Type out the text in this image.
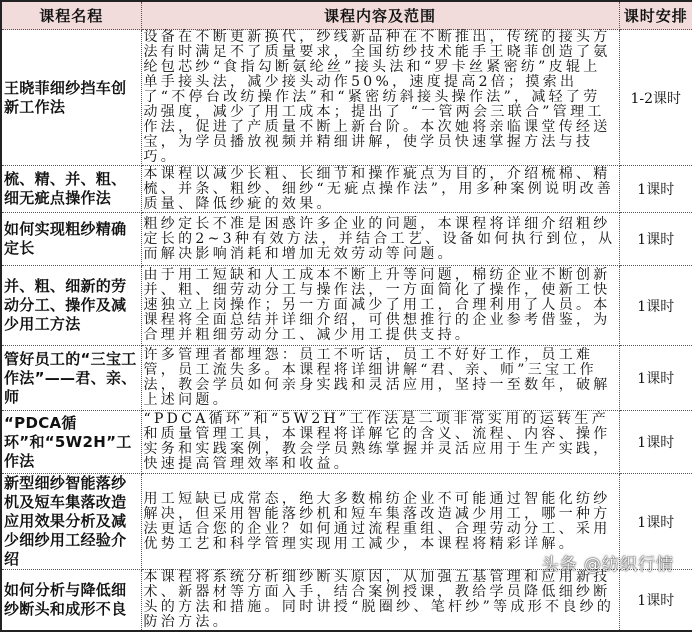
课程名程	课程内容及范围	课时安排
王晓菲细纱挡车创新工作法	设备在不断更新换代，纱线新品种在不断推出，传统的接头方法有时满足不了质量要求，全国纺纱技术能手王晓菲创造了氨纶包芯纱“食指勾断氨纶丝”接头法和“罗卡丝紧密纺”皮辊上单手接头法，减少接头动作50%，速度提高2倍；摸索出了“不停台改纺操作法”和“紧密纺斜接头操作法”，减轻了劳动强度，减少了用工成本；提出了 “一管两会三联合”管理工作法，促进了产质量不断上新台阶。本次她将亲临课堂传经送宝，为学员播放视频并精细讲解，使学员快速掌握方法与技巧。	1-2课时
梳、精、并、粗、细无疵点操作法	本课程以减少长粗、长细节和操作疵点为目的，介绍梳棉、精梳、并条、粗纱、细纱“无疵点操作法”，用多种案例说明改善质量、降低纱疵的效果。	1课时
如何实现粗纱精确定长	粗纱定长不准是困惑许多企业的问题，本课程将详细介绍粗纱定长的2~3种有效方法，并结合工艺、设备如何执行到位，从而解决影响消耗和增加无效劳动等问题。	1课时
并、粗、细新的劳动分工、操作及减少用工方法	由于用工短缺和人工成本不断上升等问题，棉纺企业不断创新并、粗、细劳动分工与操作法，一方面简化了操作，使新工快速独立上岗操作；另一方面减少了用工，合理利用了人员。本课程将全面总结并详细介绍，可供想推行的企业参考借鉴，为合理并粗细劳动分工、减少用工提供支持。	1课时
管好员工的“三宝工作法”——君、亲、师	许多管理者都埋怨：员工不听话，员工不好好工作，员工难管，员工流失多。本课程将详细讲解“君、亲、师”三宝工作法，教会学员如何亲身实践和灵活应用，坚持一至数年，破解上述问题。	1课时
“PDCA循环”和“5W2H”工作法	“PDCA循环”和“5W2H”工作法是二项非常实用的运转生产和质量管理工具，本课程将详解它的含义、流程、内容、操作实务和实践案例，教会学员熟练掌握并灵活应用于生产实践，快速提高管理效率和收益。	1课时
新型细纱智能落纱机及短车集落改造应用效果分析及减少细纱用工经验介绍	用工短缺已成常态，绝大多数棉纺企业不可能通过智能化纺纱解决，但采用智能落纱机和短车集落改造减少用工，哪一种方法更适合您的企业？如何通过流程重组、合理劳动分工、采用优势工艺和科学管理实现用工减少，本课程将精彩详解。	1课时
如何分析与降低细纱断头和成形不良	本课程将系统分析细纱断头原因，从加强五基管理和应用新技术、新器材等方面入手，结合案例授课，教给学员降低细纱断头的方法和措施。同时讲授“脱圈纱、笔杆纱”等成形不良纱的防治方法。	1课时
头条 @纺织行情
